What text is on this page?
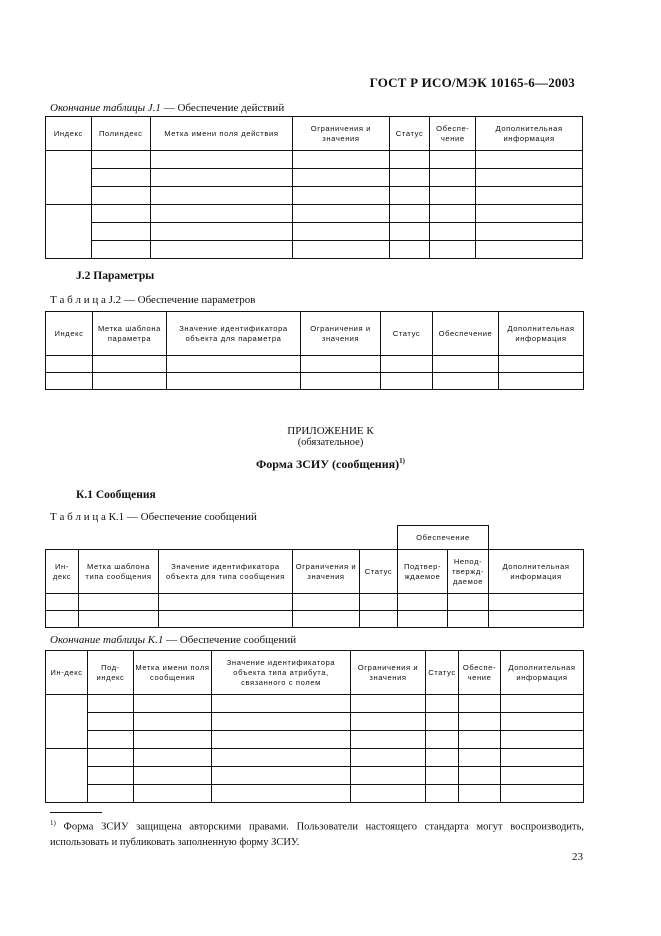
ГОСТ Р ИСО/МЭК 10165-6—2003
Окончание таблицы J.1 — Обеспечение действий
Индекс	Полиндекс	Метка имени поля действия	Ограничения и значения	Статус	Обеспе-чение	Дополнительная информация

J.2 Параметры
Т а б л и ц а J.2 — Обеспечение параметров
Индекс	Метка шаблона параметра	Значение идентификатора объекта для параметра	Ограничения и значения	Статус	Обеспечение	Дополнительная информация

ПРИЛОЖЕНИЕ К
(обязательное)
Форма ЗСИУ (сообщения)$^{1)}$
К.1 Сообщения
Т а б л и ц а К.1 — Обеспечение сообщений
					Обеспечение		
Ин-декс	Метка шаблона типа сообщения	Значение идентификатора объекта для типа сообщения	Ограничения и значения	Статус	Подтвер-ждаемое	Непод-твержд-даемое	Дополнительная информация

Окончание таблицы К.1 — Обеспечение сообщений
Ин-декс	Под-индекс	Метка имени поля сообщения	Значение идентификатора объекта типа атрибута, связанного с полем	Ограничения и значения	Статус	Обеспе-чение	Дополнительная информация

$^{1)}$ Форма ЗСИУ защищена авторскими правами. Пользователи настоящего стандарта могут воспроизводить, использовать и публиковать заполненную форму ЗСИУ.
23
